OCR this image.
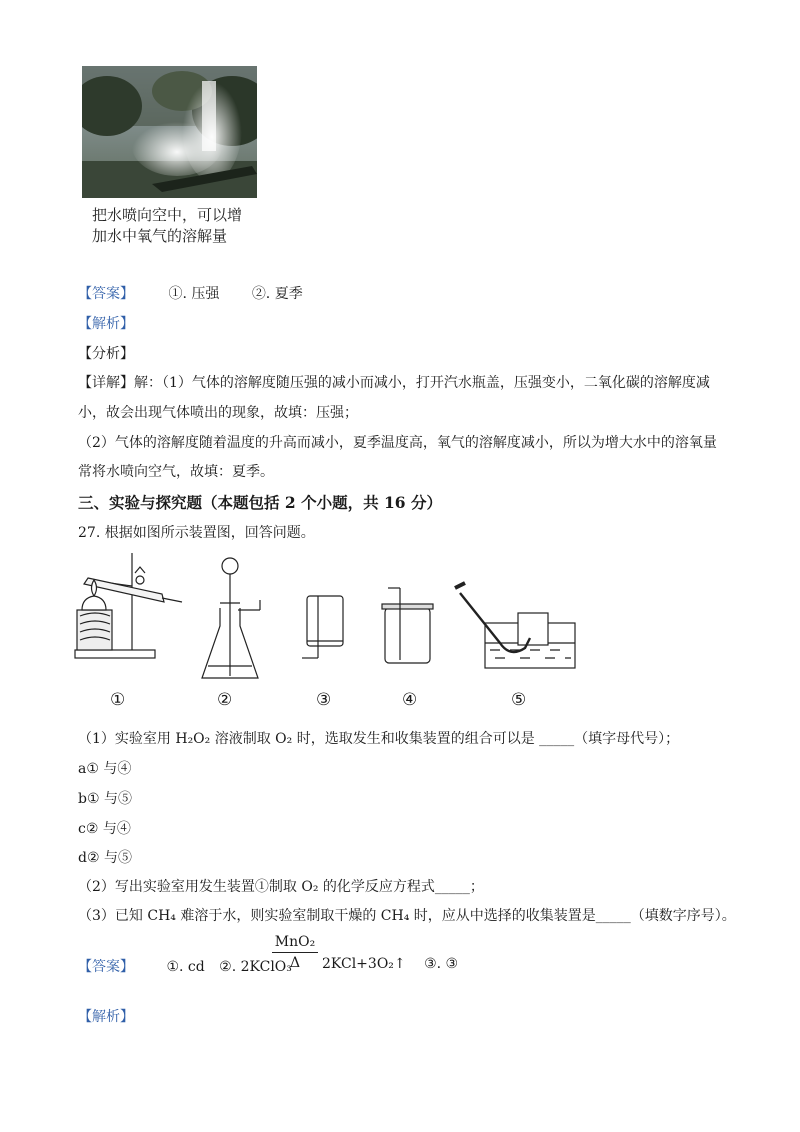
把水喷向空中，可以增
加水中氧气的溶解量
【答案】 ①. 压强 ②. 夏季
【解析】
【分析】
【详解】解：（1）气体的溶解度随压强的减小而减小，打开汽水瓶盖，压强变小，二氧化碳的溶解度减
小，故会出现气体喷出的现象，故填：压强；
（2）气体的溶解度随着温度的升高而减小，夏季温度高，氧气的溶解度减小，所以为增大水中的溶氧量
常将水喷向空气，故填：夏季。
三、实验与探究题（本题包括 2 个小题，共 16 分）
27. 根据如图所示装置图，回答问题。
①	②	③	④	⑤
（1）实验室用 H₂O₂ 溶液制取 O₂ 时，选取发生和收集装置的组合可以是 _____（填字母代号）；
a① 与④
b① 与⑤
c② 与④
d② 与⑤
（2）写出实验室用发生装置①制取 O₂ 的化学反应方程式_____；
（3）已知 CH₄ 难溶于水，则实验室制取干燥的 CH₄ 时，应从中选择的收集装置是_____（填数字序号）。
【答案】 ①. cd ②. 2KClO₃
MnO₂
Δ	2KCl+3O₂↑ ③. ③
【解析】
